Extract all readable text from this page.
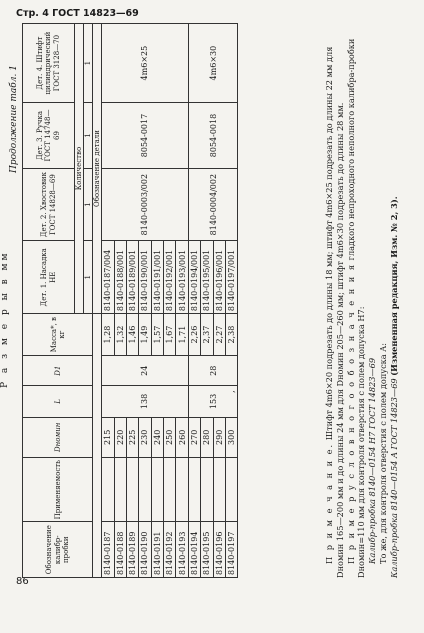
Стр. 4 ГОСТ 14823—69
86
Р а з м е р ы в мм
Продолжение табл. 1
,
Обозначение калибр-пробки	Применяемость	Dномин	L	D1	Масса*, в кг	Дет. 1. Насадка НЕ	Дет. 2. Хвостовик ГОСТ 14828—69	Дет. 3. Ручка ГОСТ 14748—69	Дет. 4. Штифт цилиндрический ГОСТ 3128—70
						Количество			
						1	1	1	1
						Обозначение детали			
8140-0187		215	138	24	1,28	8140-0187/004	8140-0003/002	8054-0017	4m6×25
8140-0188		220			1,32	8140-0188/001			
8140-0189		225			1,46	8140-0189/001			
8140-0190		230			1,49	8140-0190/001			
8140-0191		240			1,57	8140-0191/001			
8140-0192		250			1,67	8140-0192/001			
8140-0193		260			1,71	8140-0193/001			
8140-0194		270	153	28	2,26	8140-0194/001	8140-0004/002	8054-0018	4m6×30
8140-0195		280			2,37	8140-0195/001			
8140-0196		290			2,27	8140-0196/001			
8140-0197		300			2,38	8140-0197/001			

П р и м е ч а н и е. Штифт 4m6×20 подрезать до длины 18 мм; штифт 4m6×25 подрезать до длины 22 мм для Dномин 165—200 мм и до длины 24 мм для Dномин 205—260 мм; штифт 4m6×30 подрезать до длины 28 мм. П р и м е р у с л о в н о г о о б о з н а ч е н и я гладкого непроходного неполного калибра-пробки Dномин=110 мм для контроля отверстия с полем допуска H7: Калибр-пробка 8140—0154 H7 ГОСТ 14823—69 То же, для контроля отверстия с полем допуска A: Калибр-пробка 8140—0154 A ГОСТ 14823—69 (Измененная редакция, Изм. № 2, 3).
